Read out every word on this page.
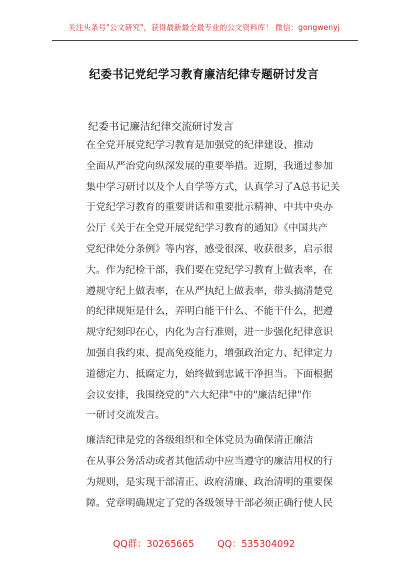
关注头条号"公文研究"，获得最新最全最专业的公文资料库！ 微信：gongwenyj
纪委书记党纪学习教育廉洁纪律专题研讨发言
纪委书记廉洁纪律交流研讨发言
在全党开展党纪学习教育是加强党的纪律建设、推动
全面从严治党向纵深发展的重要举措。近期，我通过参加
集中学习研讨以及个人自学等方式，认真学习了A总书记关
于党纪学习教育的重要讲话和重要批示精神、中共中央办
公厅《关于在全党开展党纪学习教育的通知》《中国共产
党纪律处分条例》等内容，感受很深、收获很多，启示很
大。作为纪检干部，我们要在党纪学习教育上做表率，在
遵规守纪上做表率，在从严执纪上做表率，带头搞清楚党
的纪律规矩是什么，弄明白能干什么、不能干什么，把遵
规守纪刻印在心，内化为言行准则，进一步强化纪律意识
加强自我约束、提高免疫能力，增强政治定力、纪律定力
道德定力、抵腐定力，始终做到忠诚干净担当。下面根据
会议安排，我围绕党的"六大纪律"中的"廉洁纪律"作
一研讨交流发言。
廉洁纪律是党的各级组织和全体党员为确保清正廉洁
在从事公务活动或者其他活动中应当遵守的廉洁用权的行
为规则，是实现干部清正、政府清廉、政治清明的重要保
障。党章明确规定了党的各级领导干部必须正确行使人民
QQ群：30265665 QQ：535304092
